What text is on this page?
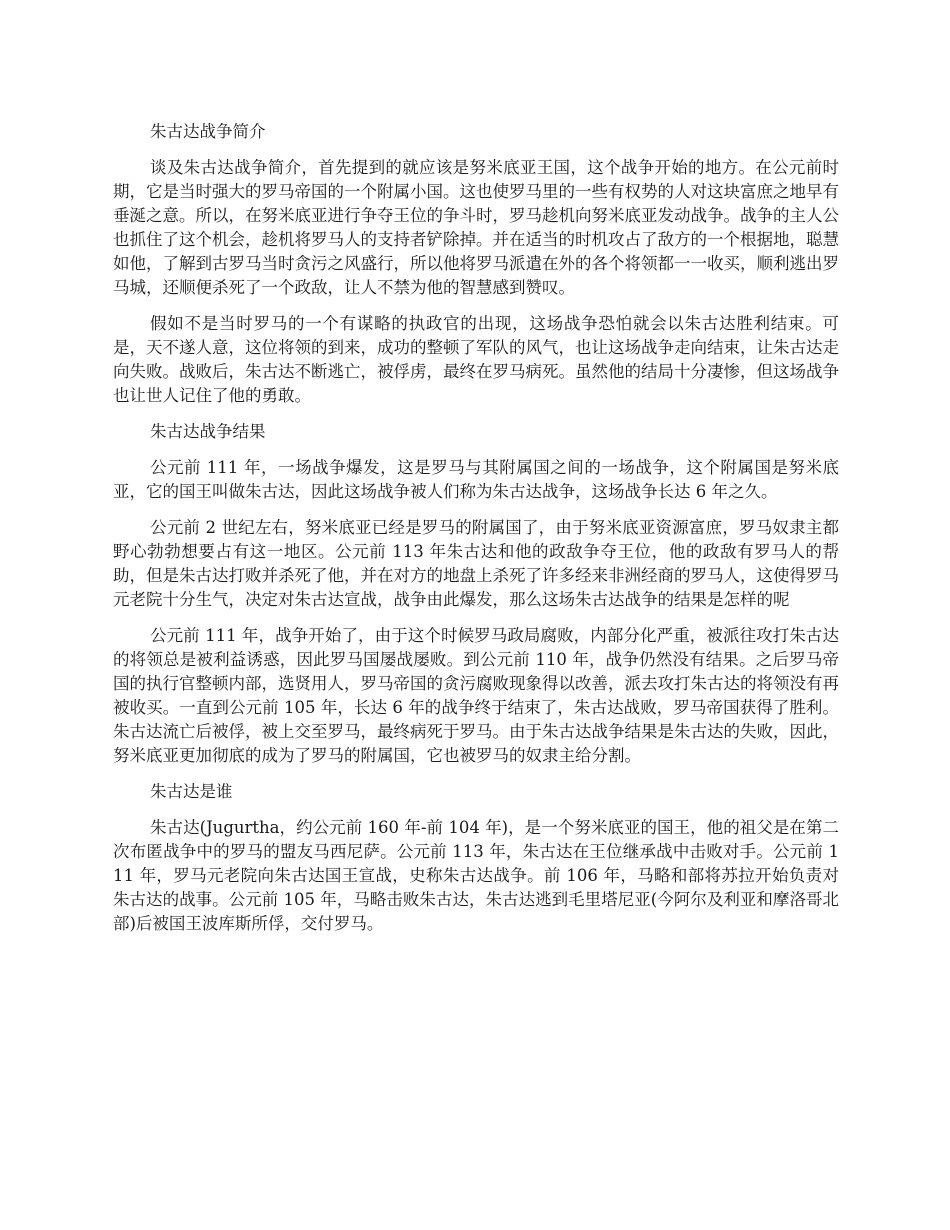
朱古达战争简介

谈及朱古达战争简介，首先提到的就应该是努米底亚王国，这个战争开始的地方。在公元前时期，它是当时强大的罗马帝国的一个附属小国。这也使罗马里的一些有权势的人对这块富庶之地早有垂涎之意。所以，在努米底亚进行争夺王位的争斗时，罗马趁机向努米底亚发动战争。战争的主人公也抓住了这个机会，趁机将罗马人的支持者铲除掉。并在适当的时机攻占了敌方的一个根据地，聪慧如他，了解到古罗马当时贪污之风盛行，所以他将罗马派遣在外的各个将领都一一收买，顺利逃出罗马城，还顺便杀死了一个政敌，让人不禁为他的智慧感到赞叹。

假如不是当时罗马的一个有谋略的执政官的出现，这场战争恐怕就会以朱古达胜利结束。可是，天不遂人意，这位将领的到来，成功的整顿了军队的风气，也让这场战争走向结束，让朱古达走向失败。战败后，朱古达不断逃亡，被俘虏，最终在罗马病死。虽然他的结局十分凄惨，但这场战争也让世人记住了他的勇敢。

朱古达战争结果

公元前 111 年，一场战争爆发，这是罗马与其附属国之间的一场战争，这个附属国是努米底亚，它的国王叫做朱古达，因此这场战争被人们称为朱古达战争，这场战争长达 6 年之久。

公元前 2 世纪左右，努米底亚已经是罗马的附属国了，由于努米底亚资源富庶，罗马奴隶主都野心勃勃想要占有这一地区。公元前 113 年朱古达和他的政敌争夺王位，他的政敌有罗马人的帮助，但是朱古达打败并杀死了他，并在对方的地盘上杀死了许多经来非洲经商的罗马人，这使得罗马元老院十分生气，决定对朱古达宣战，战争由此爆发，那么这场朱古达战争的结果是怎样的呢

公元前 111 年，战争开始了，由于这个时候罗马政局腐败，内部分化严重，被派往攻打朱古达的将领总是被利益诱惑，因此罗马国屡战屡败。到公元前 110 年，战争仍然没有结果。之后罗马帝国的执行官整顿内部，选贤用人，罗马帝国的贪污腐败现象得以改善，派去攻打朱古达的将领没有再被收买。一直到公元前 105 年，长达 6 年的战争终于结束了，朱古达战败，罗马帝国获得了胜利。朱古达流亡后被俘，被上交至罗马，最终病死于罗马。由于朱古达战争结果是朱古达的失败，因此，努米底亚更加彻底的成为了罗马的附属国，它也被罗马的奴隶主给分割。

朱古达是谁

朱古达(Jugurtha，约公元前 160 年-前 104 年)，是一个努米底亚的国王，他的祖父是在第二次布匿战争中的罗马的盟友马西尼萨。公元前 113 年，朱古达在王位继承战中击败对手。公元前 111 年，罗马元老院向朱古达国王宣战，史称朱古达战争。前 106 年，马略和部将苏拉开始负责对朱古达的战事。公元前 105 年，马略击败朱古达，朱古达逃到毛里塔尼亚(今阿尔及利亚和摩洛哥北部)后被国王波库斯所俘，交付罗马。
